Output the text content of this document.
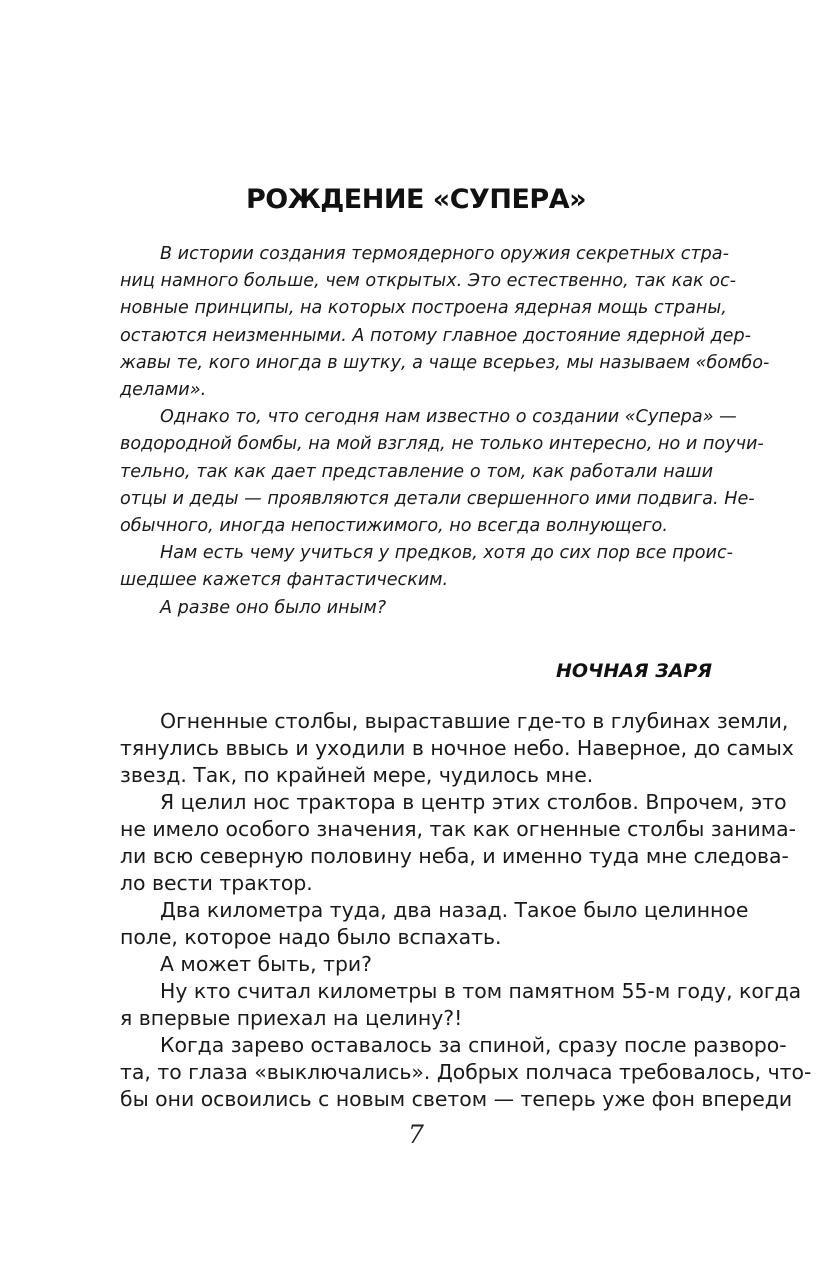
РОЖДЕНИЕ «СУПЕРА»
В истории создания термоядерного оружия секретных стра-
ниц намного больше, чем открытых. Это естественно, так как ос-
новные принципы, на которых построена ядерная мощь страны,
остаются неизменными. А потому главное достояние ядерной дер-
жавы те, кого иногда в шутку, а чаще всерьез, мы называем «бомбо-
делами».
Однако то, что сегодня нам известно о создании «Супера» —
водородной бомбы, на мой взгляд, не только интересно, но и поучи-
тельно, так как дает представление о том, как работали наши
отцы и деды — проявляются детали свершенного ими подвига. Не-
обычного, иногда непостижимого, но всегда волнующего.
Нам есть чему учиться у предков, хотя до сих пор все проис-
шедшее кажется фантастическим.
А разве оно было иным?
НОЧНАЯ ЗАРЯ
Огненные столбы, выраставшие где-то в глубинах земли,
тянулись ввысь и уходили в ночное небо. Наверное, до самых
звезд. Так, по крайней мере, чудилось мне.
Я целил нос трактора в центр этих столбов. Впрочем, это
не имело особого значения, так как огненные столбы занима-
ли всю северную половину неба, и именно туда мне следова-
ло вести трактор.
Два километра туда, два назад. Такое было целинное
поле, которое надо было вспахать.
А может быть, три?
Ну кто считал километры в том памятном 55-м году, когда
я впервые приехал на целину?!
Когда зарево оставалось за спиной, сразу после разворо-
та, то глаза «выключались». Добрых полчаса требовалось, что-
бы они освоились с новым светом — теперь уже фон впереди
7
